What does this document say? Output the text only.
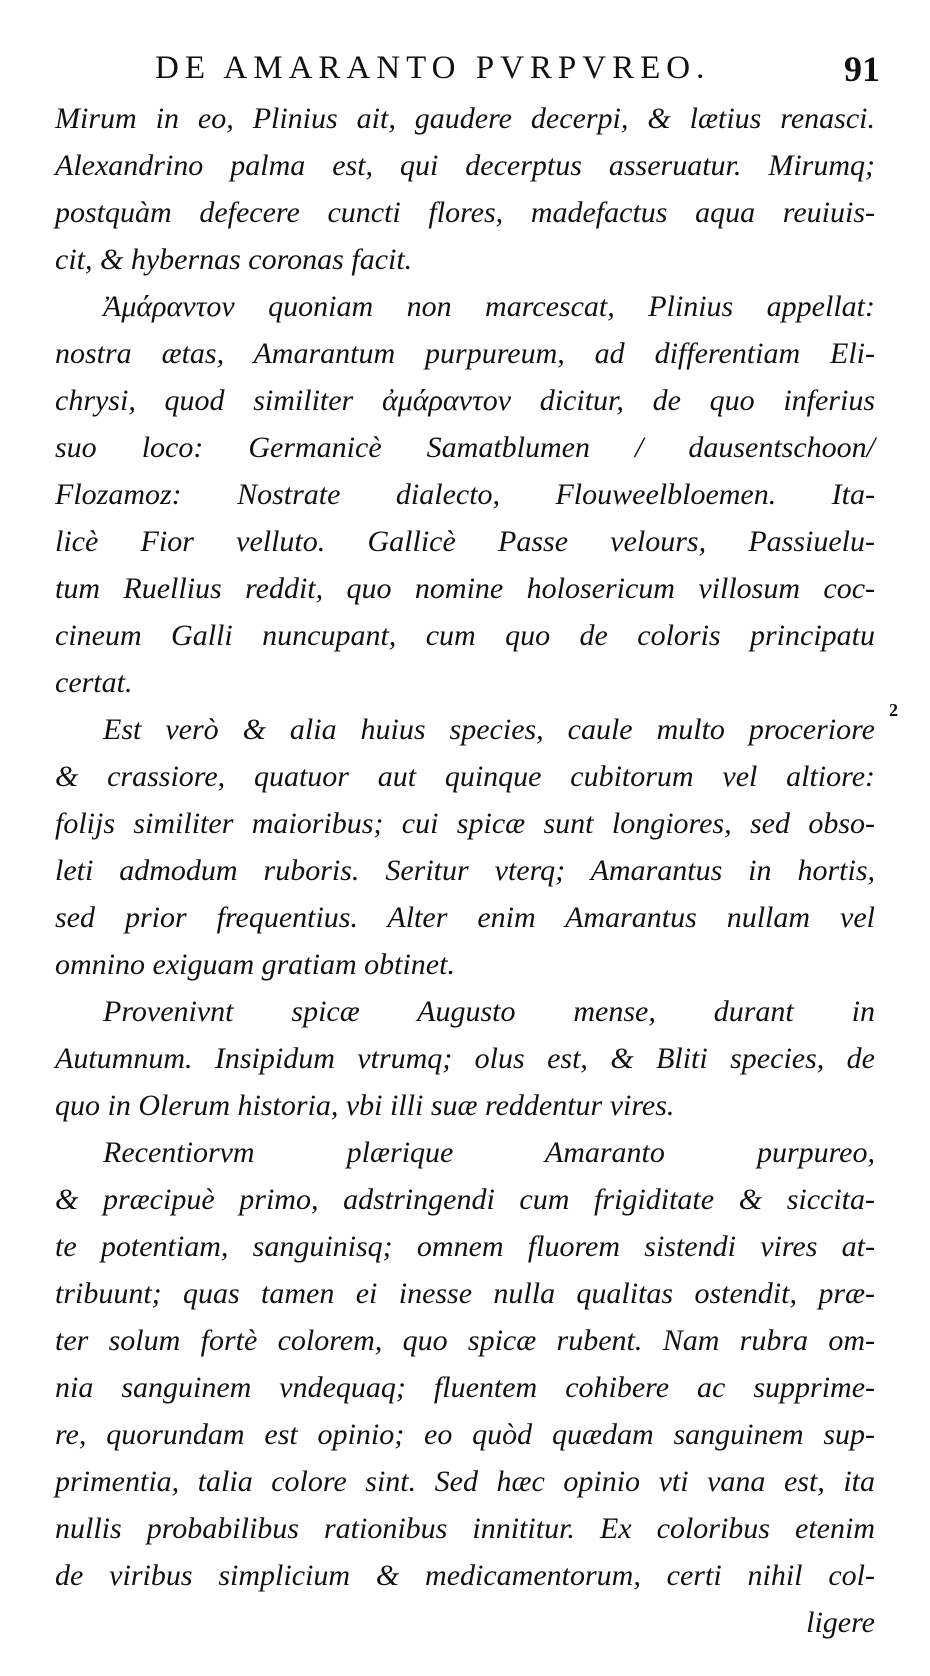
DE AMARANTO PVRPVREO.	91
2
Mirum in eo, Plinius ait, gaudere decerpi, & lætius renasci.
Alexandrino palma est, qui decerptus asseruatur. Mirumq;
postquàm defecere cuncti flores, madefactus aqua reuiuis-
cit, & hybernas coronas facit.
Ἀμάραντον quoniam non marcescat, Plinius appellat:
nostra ætas, Amarantum purpureum, ad differentiam Eli-
chrysi, quod similiter ἀμάραντον dicitur, de quo inferius
suo loco: Germanicè Samatblumen / dausentschoon/
Flozamoz: Nostrate dialecto, Flouweelbloemen. Ita-
licè Fior velluto. Gallicè Passe velours, Passiuelu-
tum Ruellius reddit, quo nomine holosericum villosum coc-
cineum Galli nuncupant, cum quo de coloris principatu
certat.
Est verò & alia huius species, caule multo proceriore
& crassiore, quatuor aut quinque cubitorum vel altiore:
folijs similiter maioribus; cui spicæ sunt longiores, sed obso-
leti admodum ruboris. Seritur vterq; Amarantus in hortis,
sed prior frequentius. Alter enim Amarantus nullam vel
omnino exiguam gratiam obtinet.
Provenivnt spicæ Augusto mense, durant in
Autumnum. Insipidum vtrumq; olus est, & Bliti species, de
quo in Olerum historia, vbi illi suæ reddentur vires.
Recentiorvm plærique Amaranto purpureo,
& præcipuè primo, adstringendi cum frigiditate & siccita-
te potentiam, sanguinisq; omnem fluorem sistendi vires at-
tribuunt; quas tamen ei inesse nulla qualitas ostendit, præ-
ter solum fortè colorem, quo spicæ rubent. Nam rubra om-
nia sanguinem vndequaq; fluentem cohibere ac supprime-
re, quorundam est opinio; eo quòd quædam sanguinem sup-
primentia, talia colore sint. Sed hæc opinio vti vana est, ita
nullis probabilibus rationibus innititur. Ex coloribus etenim
de viribus simplicium & medicamentorum, certi nihil col-
ligere
